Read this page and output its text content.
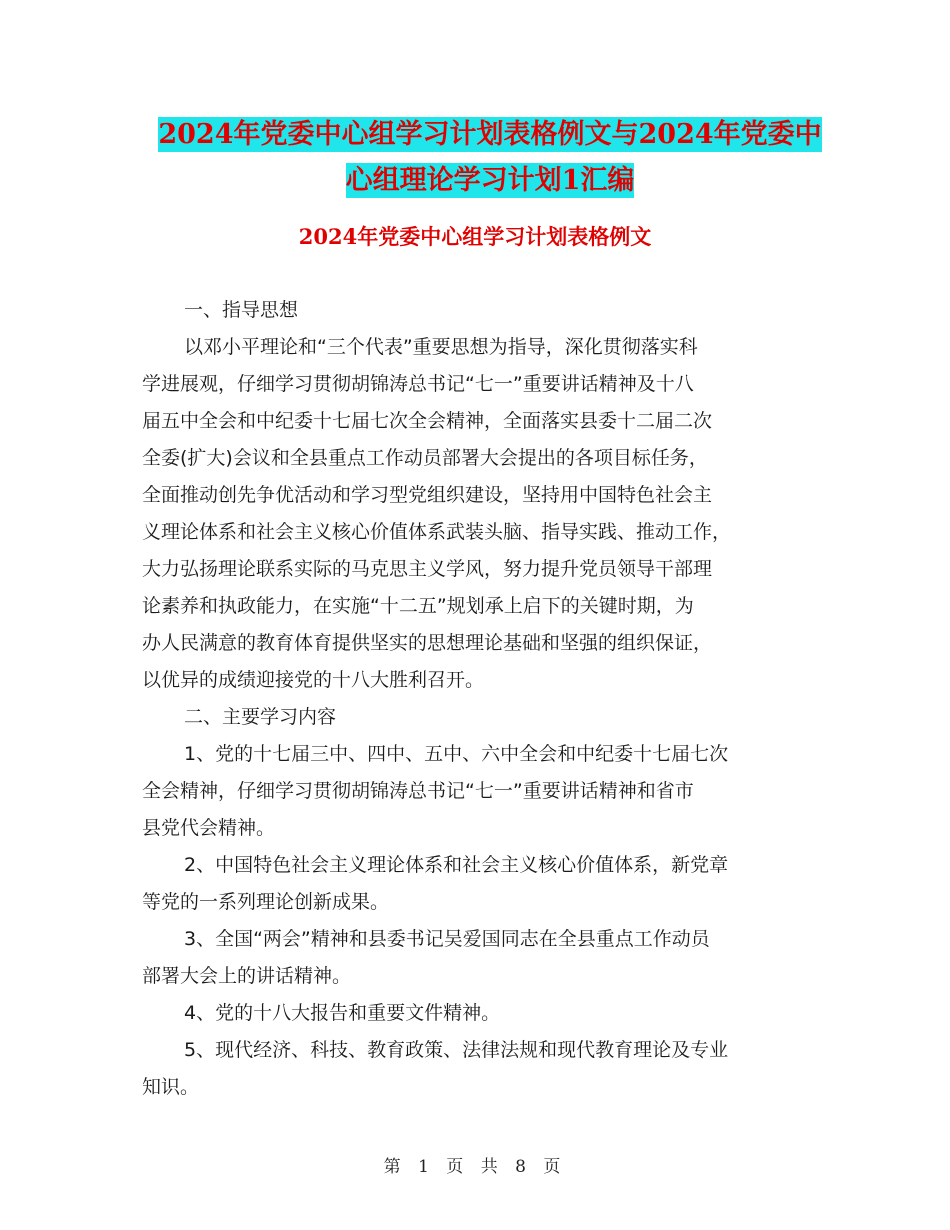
2024年党委中心组学习计划表格例文与2024年党委中
心组理论学习计划1汇编
2024年党委中心组学习计划表格例文

一、指导思想

以邓小平理论和“三个代表”重要思想为指导，深化贯彻落实科

学进展观，仔细学习贯彻胡锦涛总书记“七一”重要讲话精神及十八

届五中全会和中纪委十七届七次全会精神，全面落实县委十二届二次

全委(扩大)会议和全县重点工作动员部署大会提出的各项目标任务，

全面推动创先争优活动和学习型党组织建设，坚持用中国特色社会主

义理论体系和社会主义核心价值体系武装头脑、指导实践、推动工作，

大力弘扬理论联系实际的马克思主义学风，努力提升党员领导干部理

论素养和执政能力，在实施“十二五”规划承上启下的关键时期，为

办人民满意的教育体育提供坚实的思想理论基础和坚强的组织保证，

以优异的成绩迎接党的十八大胜利召开。

二、主要学习内容

1、党的十七届三中、四中、五中、六中全会和中纪委十七届七次

全会精神，仔细学习贯彻胡锦涛总书记“七一”重要讲话精神和省市

县党代会精神。

2、中国特色社会主义理论体系和社会主义核心价值体系，新党章

等党的一系列理论创新成果。

3、全国“两会”精神和县委书记吴爱国同志在全县重点工作动员

部署大会上的讲话精神。

4、党的十八大报告和重要文件精神。

5、现代经济、科技、教育政策、法律法规和现代教育理论及专业

知识。

第 1 页 共 8 页
